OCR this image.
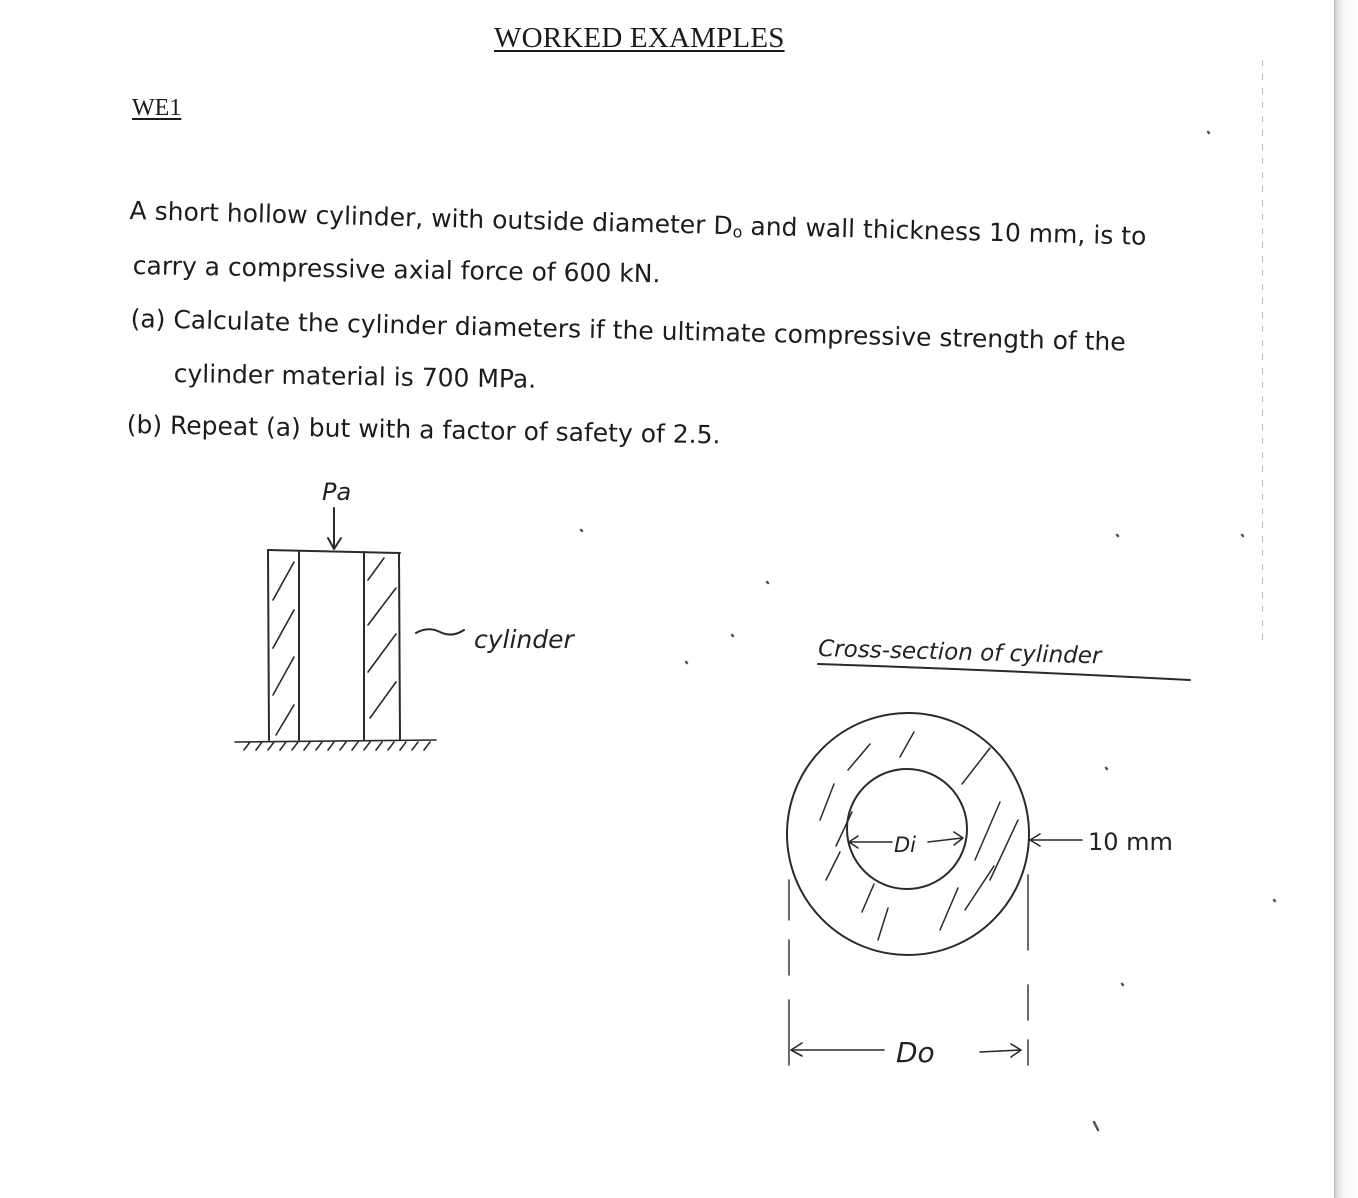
WORKED EXAMPLES
WE1
A short hollow cylinder, with outside diameter Do and wall thickness 10 mm, is to
carry a compressive axial force of 600 kN.
(a) Calculate the cylinder diameters if the ultimate compressive strength of the
cylinder material is 700 MPa.
(b) Repeat (a) but with a factor of safety of 2.5.
Pa
cylinder	Cross-section of cylinder
Di	10 mm
Do
